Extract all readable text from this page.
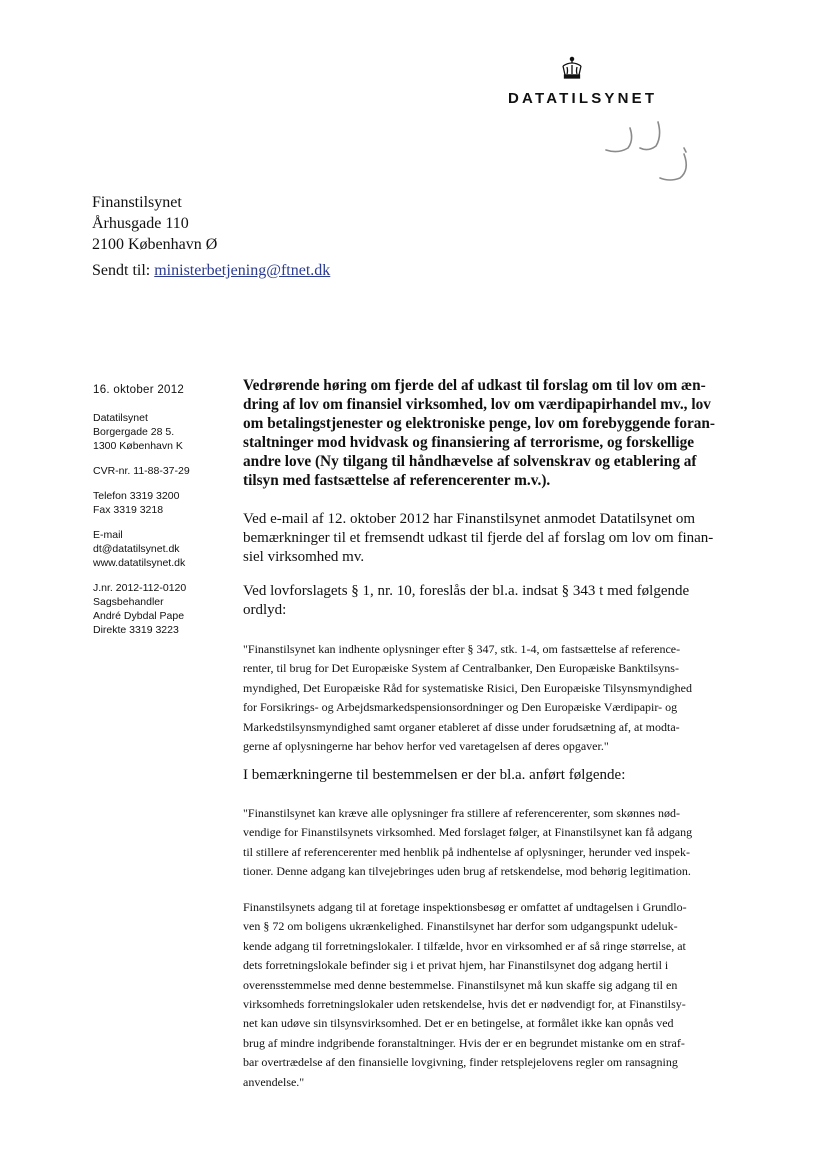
DATATILSYNET
Finanstilsynet
Århusgade 110
2100 København Ø
Sendt til: ministerbetjening@ftnet.dk
16. oktober 2012
Datatilsynet
Borgergade 28 5.
1300 København K
CVR-nr. 11-88-37-29
Telefon 3319 3200
Fax 3319 3218
E-mail
dt@datatilsynet.dk
www.datatilsynet.dk
J.nr. 2012-112-0120
Sagsbehandler
André Dybdal Pape
Direkte 3319 3223
Vedrørende høring om fjerde del af udkast til forslag om til lov om æn-
dring af lov om finansiel virksomhed, lov om værdipapirhandel mv., lov
om betalingstjenester og elektroniske penge, lov om forebyggende foran-
staltninger mod hvidvask og finansiering af terrorisme, og forskellige
andre love (Ny tilgang til håndhævelse af solvenskrav og etablering af
tilsyn med fastsættelse af referencerenter m.v.).
Ved e-mail af 12. oktober 2012 har Finanstilsynet anmodet Datatilsynet om
bemærkninger til et fremsendt udkast til fjerde del af forslag om lov om finan-
siel virksomhed mv.
Ved lovforslagets § 1, nr. 10, foreslås der bl.a. indsat § 343 t med følgende
ordlyd:
"Finanstilsynet kan indhente oplysninger efter § 347, stk. 1-4, om fastsættelse af reference-
renter, til brug for Det Europæiske System af Centralbanker, Den Europæiske Banktilsyns-
myndighed, Det Europæiske Råd for systematiske Risici, Den Europæiske Tilsynsmyndighed
for Forsikrings- og Arbejdsmarkedspensionsordninger og Den Europæiske Værdipapir- og
Markedstilsynsmyndighed samt organer etableret af disse under forudsætning af, at modta-
gerne af oplysningerne har behov herfor ved varetagelsen af deres opgaver."
I bemærkningerne til bestemmelsen er der bl.a. anført følgende:
"Finanstilsynet kan kræve alle oplysninger fra stillere af referencerenter, som skønnes nød-
vendige for Finanstilsynets virksomhed. Med forslaget følger, at Finanstilsynet kan få adgang
til stillere af referencerenter med henblik på indhentelse af oplysninger, herunder ved inspek-
tioner. Denne adgang kan tilvejebringes uden brug af retskendelse, mod behørig legitimation.
Finanstilsynets adgang til at foretage inspektionsbesøg er omfattet af undtagelsen i Grundlo-
ven § 72 om boligens ukrænkelighed. Finanstilsynet har derfor som udgangspunkt udeluk-
kende adgang til forretningslokaler. I tilfælde, hvor en virksomhed er af så ringe størrelse, at
dets forretningslokale befinder sig i et privat hjem, har Finanstilsynet dog adgang hertil i
overensstemmelse med denne bestemmelse. Finanstilsynet må kun skaffe sig adgang til en
virksomheds forretningslokaler uden retskendelse, hvis det er nødvendigt for, at Finanstilsy-
net kan udøve sin tilsynsvirksomhed. Det er en betingelse, at formålet ikke kan opnås ved
brug af mindre indgribende foranstaltninger. Hvis der er en begrundet mistanke om en straf-
bar overtrædelse af den finansielle lovgivning, finder retsplejelovens regler om ransagning
anvendelse."
